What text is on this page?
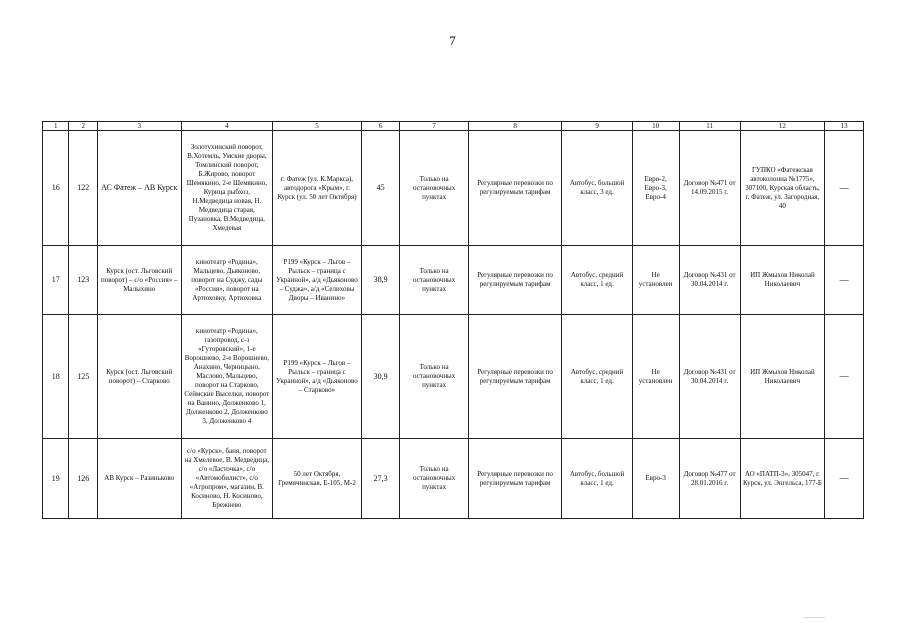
7
1	2	3	4	5	6	7	8	9	10	11	12	13
16	122	АС Фатеж – АВ Курск	Золотухинский поворот, В.Хотемль, Умские дворы, Томлинский поворот, Б.Жирово, поворот Шемякино, 2-е Шемякино, Курица рыбхоз, Н.Медведица новая, Н. Медведица старая, Пузановка, В.Медведица, Хмедевая	г. Фатеж (ул. К.Маркса), автодорога «Крым», г. Курск (ул. 50 лет Октября)	45	Только на остановочных пунктах	Регулярные перевозки по регулируемым тарифам	Автобус, большой класс, 3 ед.	Евро-2, Евро-3, Евро-4	Договор №471 от 14.09.2015 г.	ГУПКО «Фатежская автоколонна №1775», 307100, Курская область, г. Фатеж, ул. Загородная, 40	—
17	123	Курск (ост. Льговский поворот) – с/о «Россия» – Малыхино	кинотеатр «Родина», Мальцево, Дьяконово, поворот на Суджу, сады «Россия», поворот на Артюховку, Артюховка	Р199 «Курск – Льгов – Рыльск – граница с Украиной», а/д «Дьяконово – Суджа», а/д «Селиховы Дворы – Иванино»	38,9	Только на остановочных пунктах	Регулярные перевозки по регулируемым тарифам	Автобус, средний класс, 1 ед.	Не установлен	Договор №431 от 30.04.2014 г.	ИП Жмыхов Николай Николаевич	—
18	125	Курск (ост. Льговский поворот) – Старково	кинотеатр «Родина», газопровод, с-з «Гуторовский», 1-е Ворошнево, 2-е Ворошнево, Анахино, Черницыно, Маслово, Мальцево, поворот на Старково, Сеймские Выселки, поворот на Ванино, Долженково 1, Долженково 2, Долженково 3, Долженково 4	Р199 «Курск – Льгов – Рыльск – граница с Украиной», а/д «Дьяконово – Старково»	30,9	Только на остановочных пунктах	Регулярные перевозки по регулируемым тарифам	Автобус, средний класс, 1 ед.	Не установлен	Договор №431 от 30.04.2014 г.	ИП Жмыхов Николай Николаевич	—
19	126	АВ Курск – Разиньково	с/о «Курск», баня, поворот на Хмелевое, В. Медведица, с/о «Ласточка», с/о «Автомобилист», с/о «Агропром», магазин, В. Косиново, Н. Косиново, Брежнево	50 лет Октября, Гремячинская, Е-105, М-2	27,3	Только на остановочных пунктах	Регулярные перевозки по регулируемым тарифам	Автобус, большой класс, 1 ед.	Евро-3	Договор №477 от 28.01.2016 г.	АО «ПАТП-3», 305047, г. Курск, ул. Энгельса, 177-Б	—
